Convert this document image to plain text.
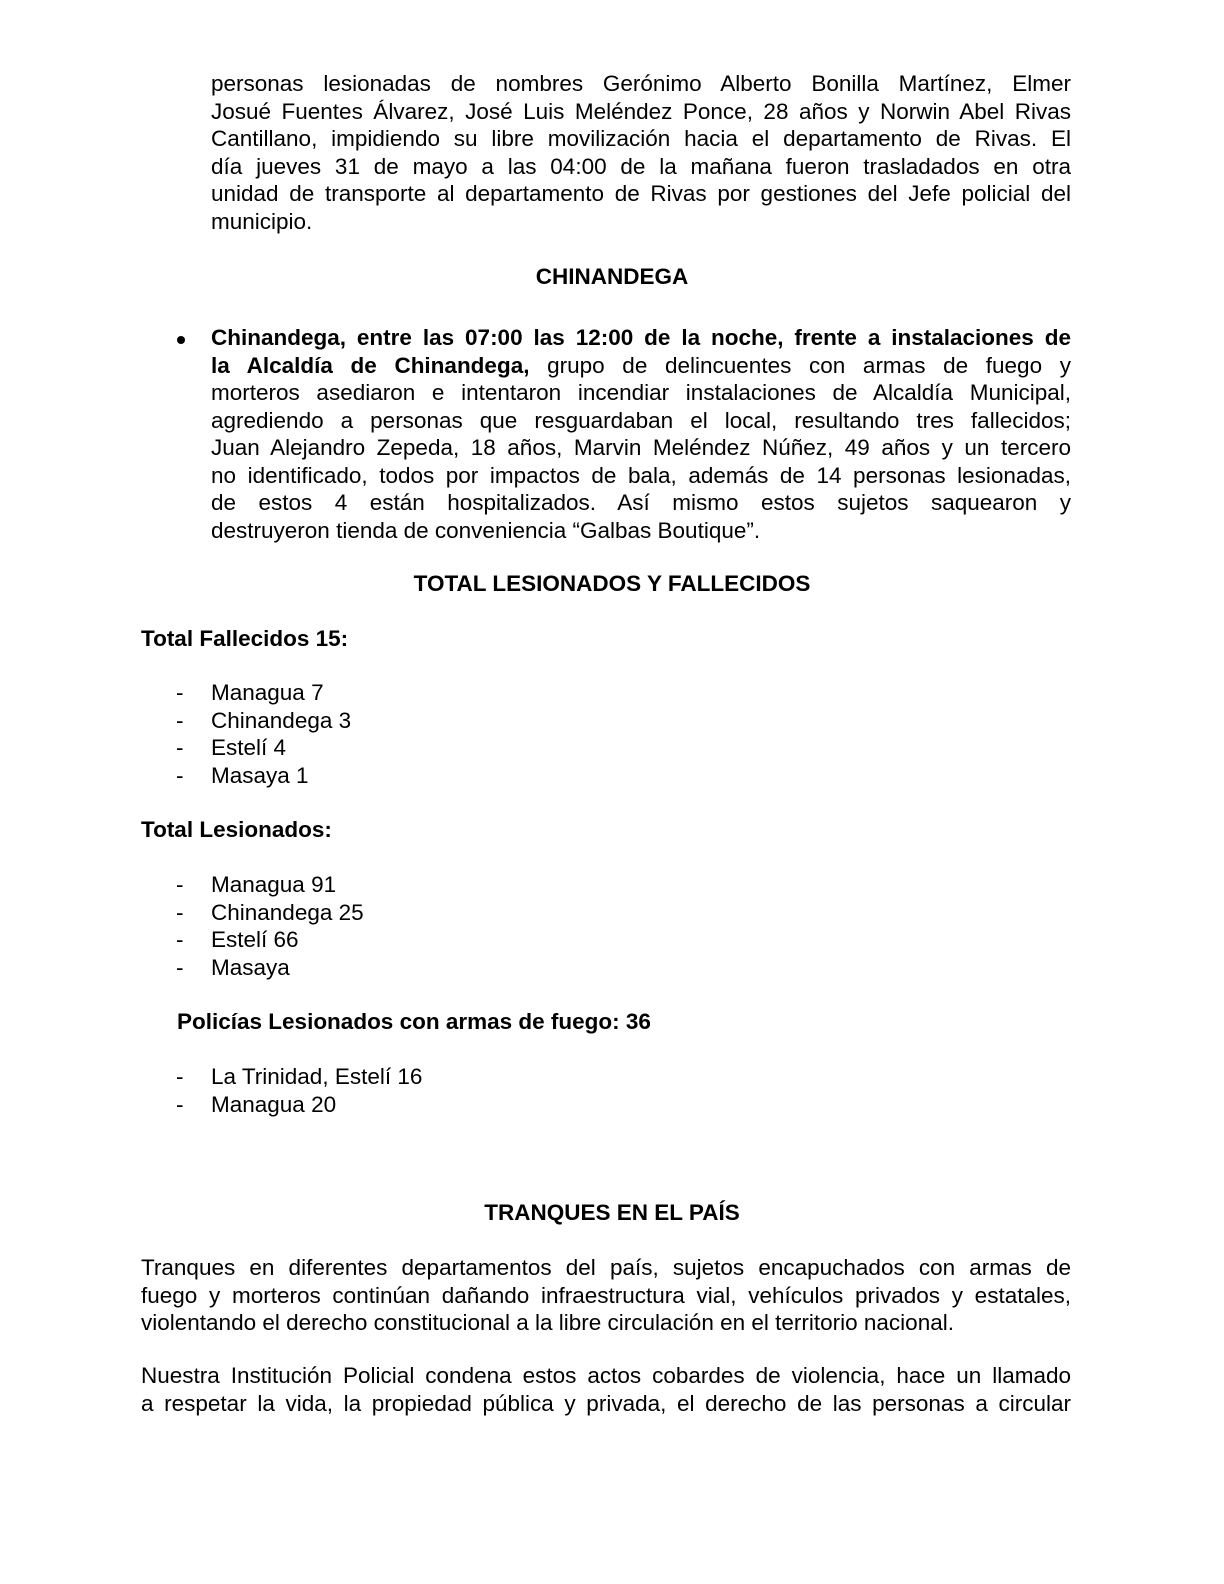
personas lesionadas de nombres Gerónimo Alberto Bonilla Martínez, Elmer
Josué Fuentes Álvarez, José Luis Meléndez Ponce, 28 años y Norwin Abel Rivas
Cantillano, impidiendo su libre movilización hacia el departamento de Rivas. El
día jueves 31 de mayo a las 04:00 de la mañana fueron trasladados en otra
unidad de transporte al departamento de Rivas por gestiones del Jefe policial del
municipio.
CHINANDEGA
Chinandega, entre las 07:00 las 12:00 de la noche, frente a instalaciones de
la Alcaldía de Chinandega, grupo de delincuentes con armas de fuego y
morteros asediaron e intentaron incendiar instalaciones de Alcaldía Municipal,
agrediendo a personas que resguardaban el local, resultando tres fallecidos;
Juan Alejandro Zepeda, 18 años, Marvin Meléndez Núñez, 49 años y un tercero
no identificado, todos por impactos de bala, además de 14 personas lesionadas,
de estos 4 están hospitalizados. Así mismo estos sujetos saquearon y
destruyeron tienda de conveniencia “Galbas Boutique”.
TOTAL LESIONADOS Y FALLECIDOS
Total Fallecidos 15:
- Managua 7
- Chinandega 3
- Estelí 4
- Masaya 1
Total Lesionados:
- Managua 91
- Chinandega 25
- Estelí 66
- Masaya
Policías Lesionados con armas de fuego: 36
- La Trinidad, Estelí 16
- Managua 20
TRANQUES EN EL PAÍS
Tranques en diferentes departamentos del país, sujetos encapuchados con armas de
fuego y morteros continúan dañando infraestructura vial, vehículos privados y estatales,
violentando el derecho constitucional a la libre circulación en el territorio nacional.
Nuestra Institución Policial condena estos actos cobardes de violencia, hace un llamado
a respetar la vida, la propiedad pública y privada, el derecho de las personas a circular
